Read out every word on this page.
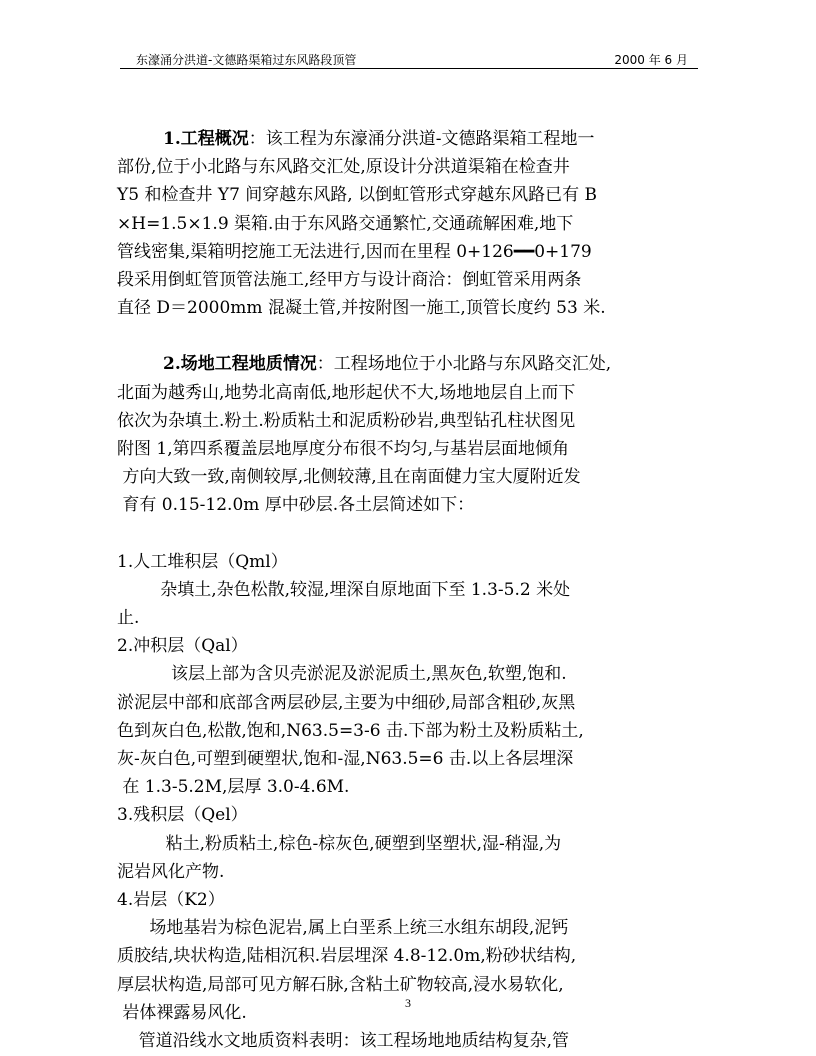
东濠涌分洪道-文德路渠箱过东风路段顶管	2000 年 6 月

1.工程概况：该工程为东濠涌分洪道-文德路渠箱工程地一

部份,位于小北路与东风路交汇处,原设计分洪道渠箱在检查井

Y5 和检查井 Y7 间穿越东风路, 以倒虹管形式穿越东风路已有 B

×H=1.5×1.9 渠箱.由于东风路交通繁忙,交通疏解困难,地下

管线密集,渠箱明挖施工无法进行,因而在里程 0+126━━0+179

段采用倒虹管顶管法施工,经甲方与设计商洽：倒虹管采用两条

直径 D＝2000mm 混凝土管,并按附图一施工,顶管长度约 53 米.

2.场地工程地质情况：工程场地位于小北路与东风路交汇处,

北面为越秀山,地势北高南低,地形起伏不大,场地地层自上而下

依次为杂填土.粉土.粉质粘土和泥质粉砂岩,典型钻孔柱状图见

附图 1,第四系覆盖层地厚度分布很不均匀,与基岩层面地倾角

方向大致一致,南侧较厚,北侧较薄,且在南面健力宝大厦附近发

育有 0.15-12.0m 厚中砂层.各土层简述如下：

1.人工堆积层（Qml）

杂填土,杂色松散,较湿,埋深自原地面下至 1.3-5.2 米处

止.

2.冲积层（Qal）

该层上部为含贝壳淤泥及淤泥质土,黑灰色,软塑,饱和.

淤泥层中部和底部含两层砂层,主要为中细砂,局部含粗砂,灰黑

色到灰白色,松散,饱和,N63.5=3-6 击.下部为粉土及粉质粘土,

灰-灰白色,可塑到硬塑状,饱和-湿,N63.5=6 击.以上各层埋深

在 1.3-5.2M,层厚 3.0-4.6M.

3.残积层（Qel）

粘土,粉质粘土,棕色-棕灰色,硬塑到坚塑状,湿-稍湿,为

泥岩风化产物.

4.岩层（K2）

场地基岩为棕色泥岩,属上白垩系上统三水组东胡段,泥钙

质胶结,块状构造,陆相沉积.岩层埋深 4.8-12.0m,粉砂状结构,

厚层状构造,局部可见方解石脉,含粘土矿物较高,浸水易软化,

岩体裸露易风化.

管道沿线水文地质资料表明：该工程场地地质结构复杂,管

3
